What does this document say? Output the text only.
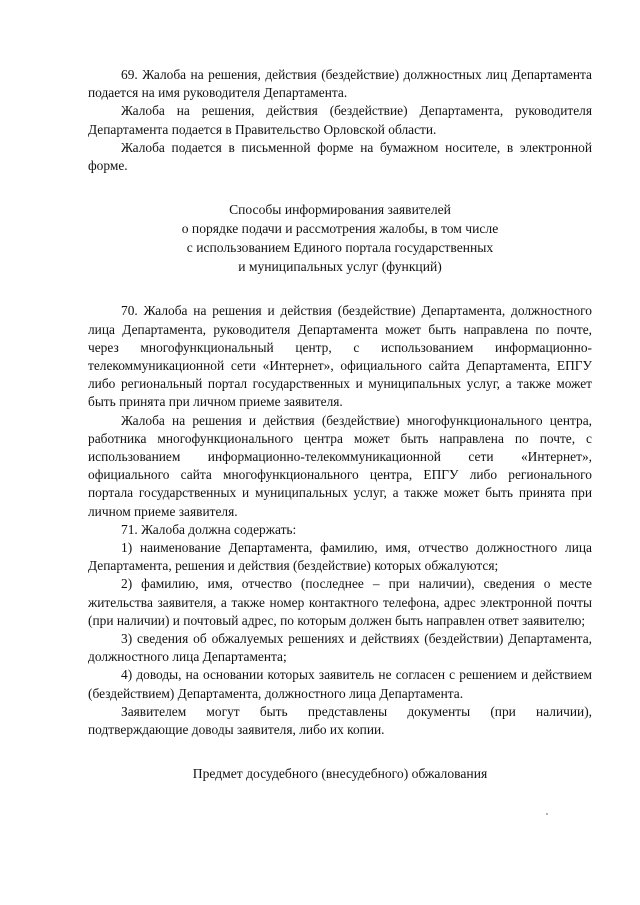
69. Жалоба на решения, действия (бездействие) должностных лиц Департамента подается на имя руководителя Департамента.

Жалоба на решения, действия (бездействие) Департамента, руководителя Департамента подается в Правительство Орловской области.

Жалоба подается в письменной форме на бумажном носителе, в электронной форме.

Способы информирования заявителей

о порядке подачи и рассмотрения жалобы, в том числе

с использованием Единого портала государственных

и муниципальных услуг (функций)

70. Жалоба на решения и действия (бездействие) Департамента, должностного лица Департамента, руководителя Департамента может быть направлена по почте, через многофункциональный центр, с использованием информационно-телекоммуникационной сети «Интернет», официального сайта Департамента, ЕПГУ либо региональный портал государственных и муниципальных услуг, а также может быть принята при личном приеме заявителя.

Жалоба на решения и действия (бездействие) многофункционального центра, работника многофункционального центра может быть направлена по почте, с использованием информационно-телекоммуникационной сети «Интернет», официального сайта многофункционального центра, ЕПГУ либо регионального портала государственных и муниципальных услуг, а также может быть принята при личном приеме заявителя.

71. Жалоба должна содержать:

1) наименование Департамента, фамилию, имя, отчество должностного лица Департамента, решения и действия (бездействие) которых обжалуются;

2) фамилию, имя, отчество (последнее – при наличии), сведения о месте жительства заявителя, а также номер контактного телефона, адрес электронной почты (при наличии) и почтовый адрес, по которым должен быть направлен ответ заявителю;

3) сведения об обжалуемых решениях и действиях (бездействии) Департамента, должностного лица Департамента;

4) доводы, на основании которых заявитель не согласен с решением и действием (бездействием) Департамента, должностного лица Департамента.

Заявителем могут быть представлены документы (при наличии), подтверждающие доводы заявителя, либо их копии.

Предмет досудебного (внесудебного) обжалования
